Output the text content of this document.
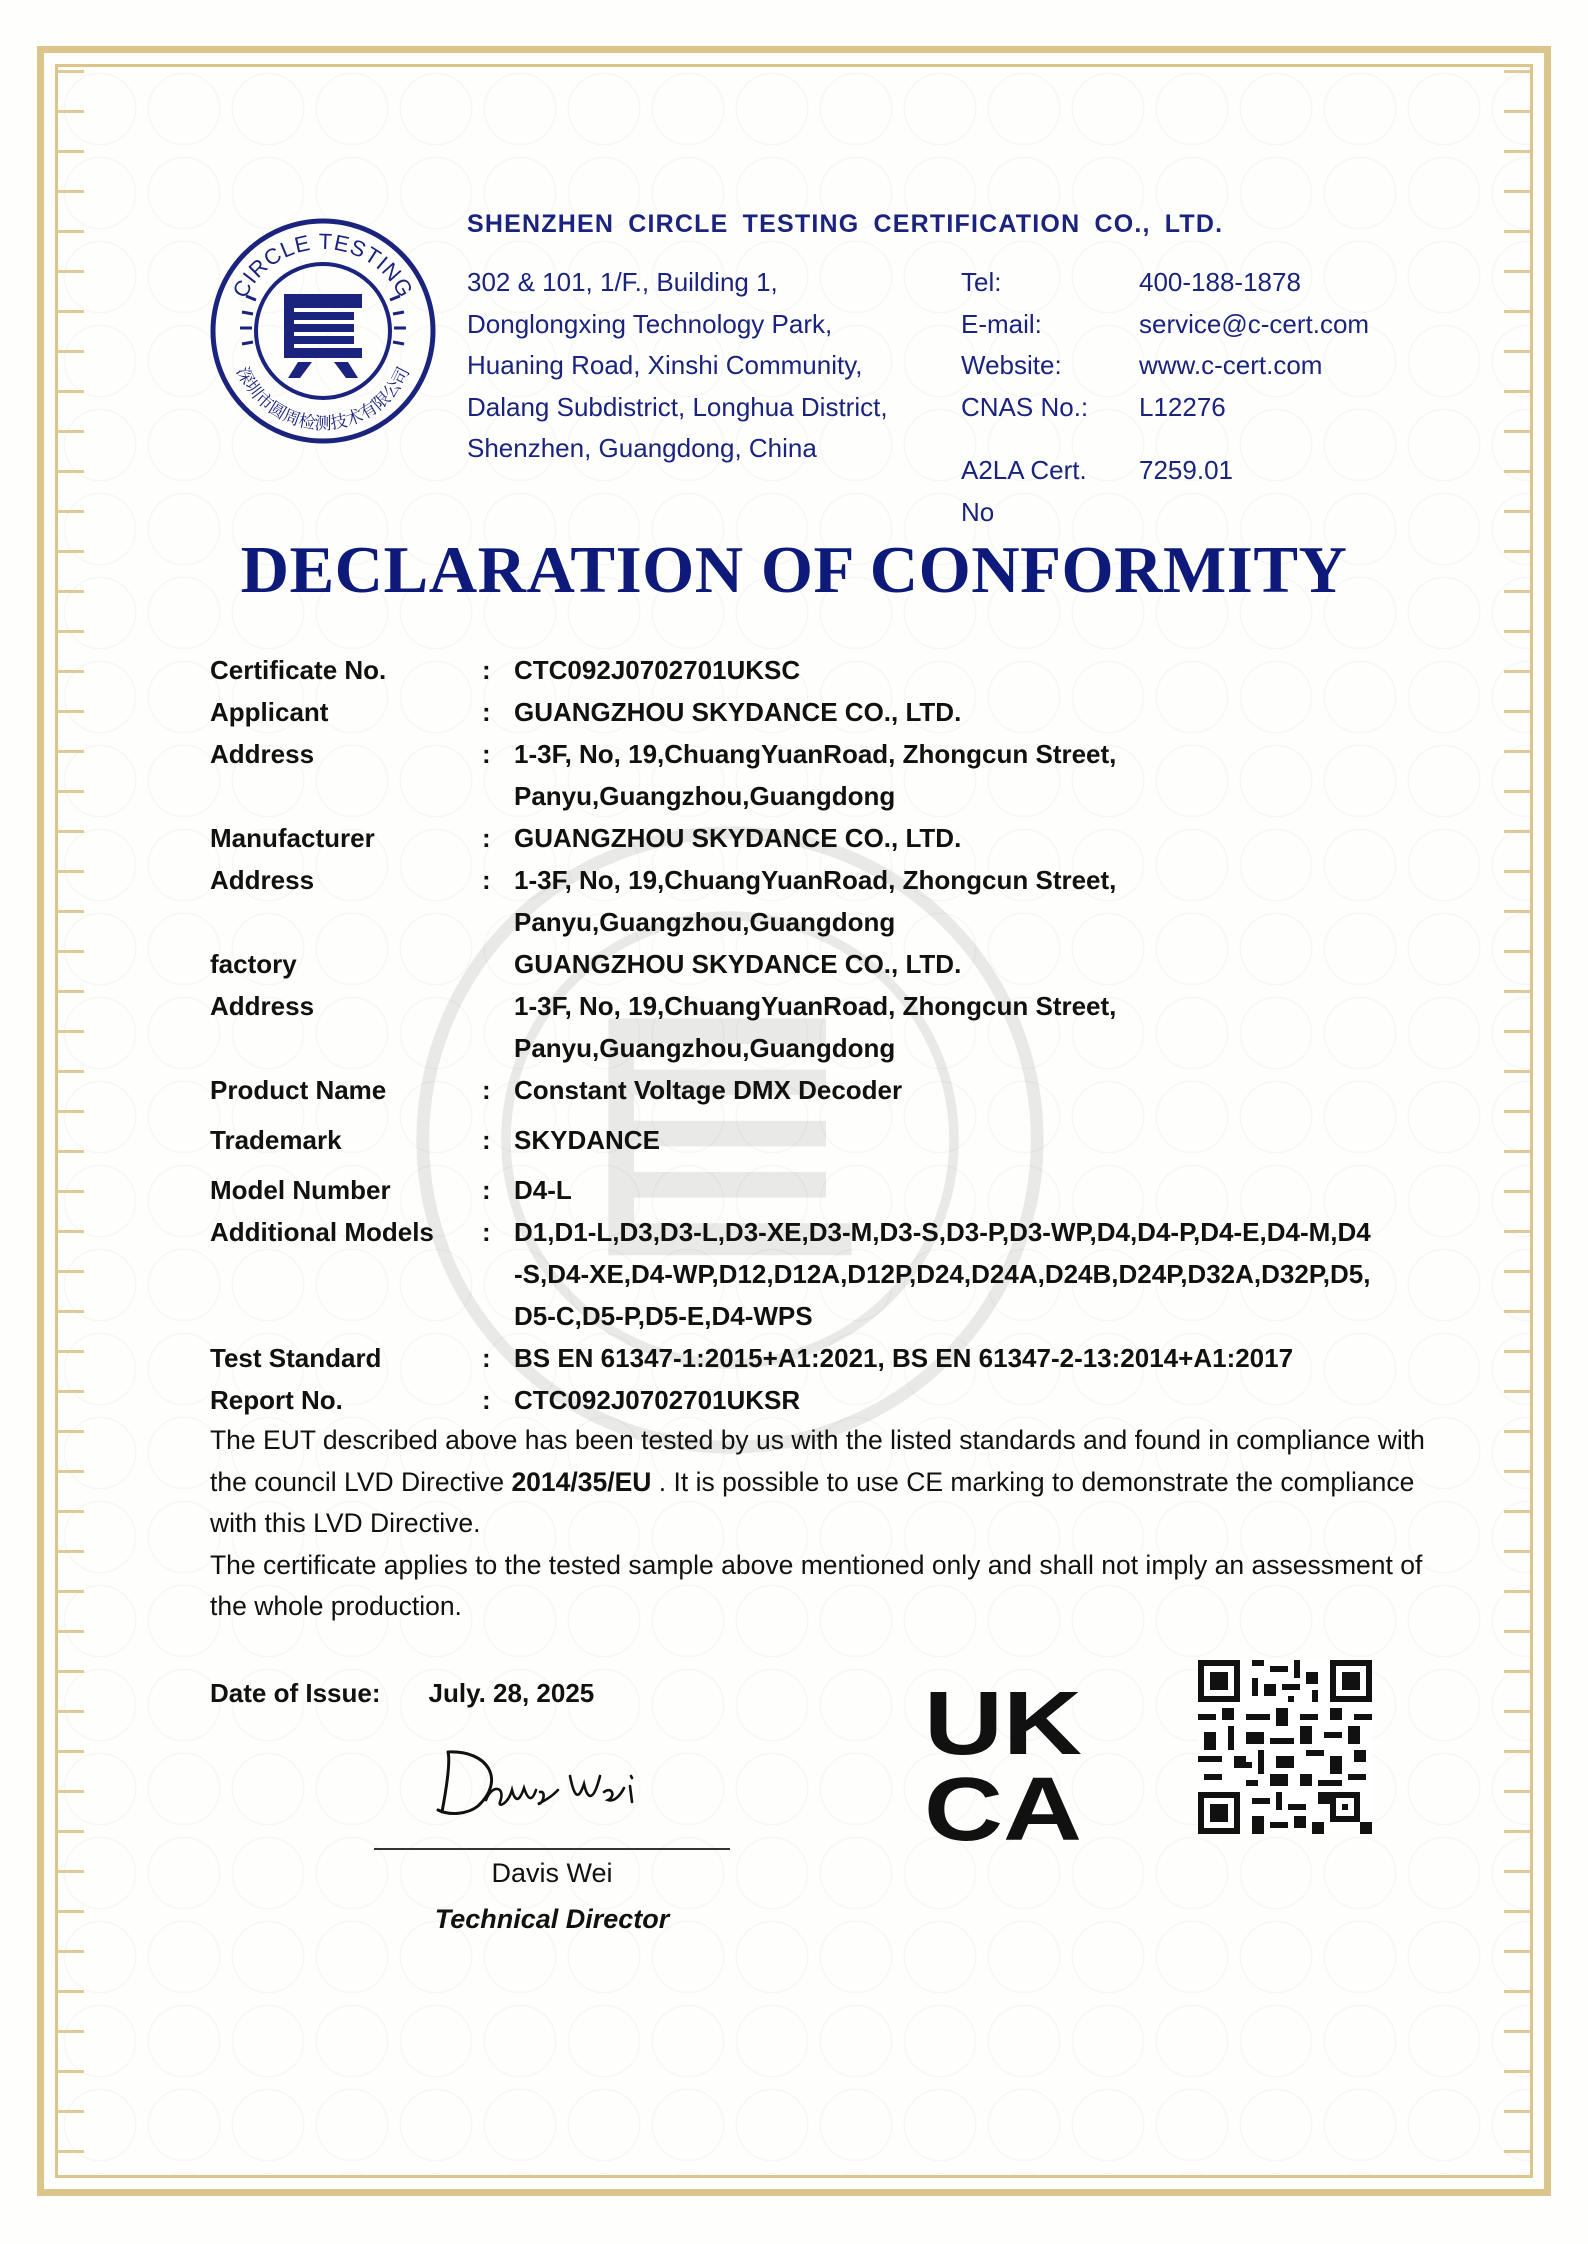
CIRCLE TESTING
深圳市圆周检测技术有限公司
SHENZHEN CIRCLE TESTING CERTIFICATION CO., LTD.
302 & 101, 1/F., Building 1,
Donglongxing Technology Park,
Huaning Road, Xinshi Community,
Dalang Subdistrict, Longhua District,
Shenzhen, Guangdong, China
Tel:	400-188-1878
E-mail:	service@c-cert.com
Website:	www.c-cert.com
CNAS No.:	L12276
A2LA Cert.	7259.01
No
DECLARATION OF CONFORMITY
Certificate No.	: CTC092J0702701UKSC
Applicant	: GUANGZHOU SKYDANCE CO., LTD.
Address	: 1-3F, No, 19,ChuangYuanRoad, Zhongcun Street,
Panyu,Guangzhou,Guangdong
Manufacturer	: GUANGZHOU SKYDANCE CO., LTD.
Address	: 1-3F, No, 19,ChuangYuanRoad, Zhongcun Street,
Panyu,Guangzhou,Guangdong
factory	GUANGZHOU SKYDANCE CO., LTD.
Address	1-3F, No, 19,ChuangYuanRoad, Zhongcun Street,
Panyu,Guangzhou,Guangdong
Product Name	: Constant Voltage DMX Decoder
Trademark	: SKYDANCE
Model Number	: D4-L
Additional Models	: D1,D1-L,D3,D3-L,D3-XE,D3-M,D3-S,D3-P,D3-WP,D4,D4-P,D4-E,D4-M,D4
-S,D4-XE,D4-WP,D12,D12A,D12P,D24,D24A,D24B,D24P,D32A,D32P,D5,
D5-C,D5-P,D5-E,D4-WPS
Test Standard	: BS EN 61347-1:2015+A1:2021, BS EN 61347-2-13:2014+A1:2017
Report No.	: CTC092J0702701UKSR
The EUT described above has been tested by us with the listed standards and found in compliance with the council LVD Directive 2014/35/EU . It is possible to use CE marking to demonstrate the compliance with this LVD Directive.
The certificate applies to the tested sample above mentioned only and shall not imply an assessment of the whole production.
Date of Issue: July. 28, 2025
Davis Wei
Technical Director
UK
CA
